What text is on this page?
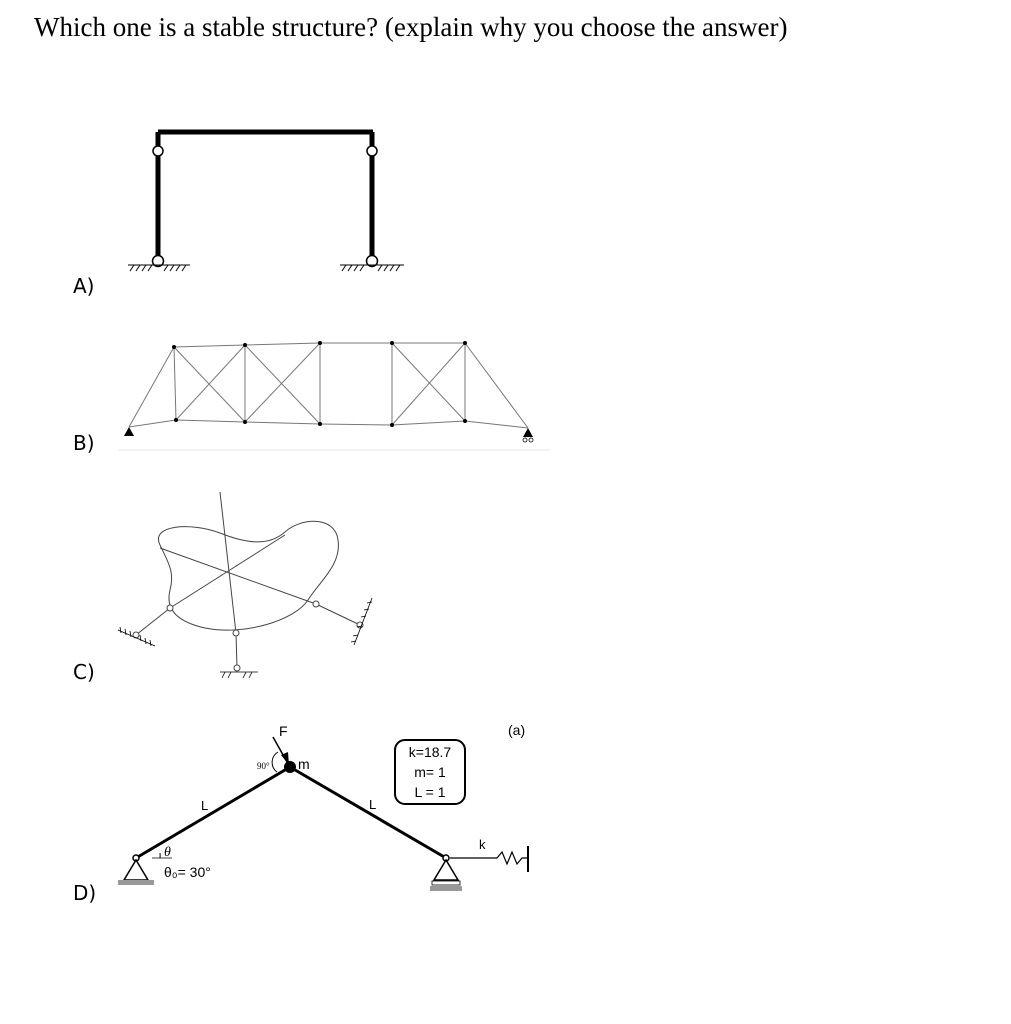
Which one is a stable structure? (explain why you choose the answer)
A)
B)
C)
D)
(a)
F
m
90°
L	L
θ
θ₀= 30°
k
k=18.7
m= 1
L = 1
